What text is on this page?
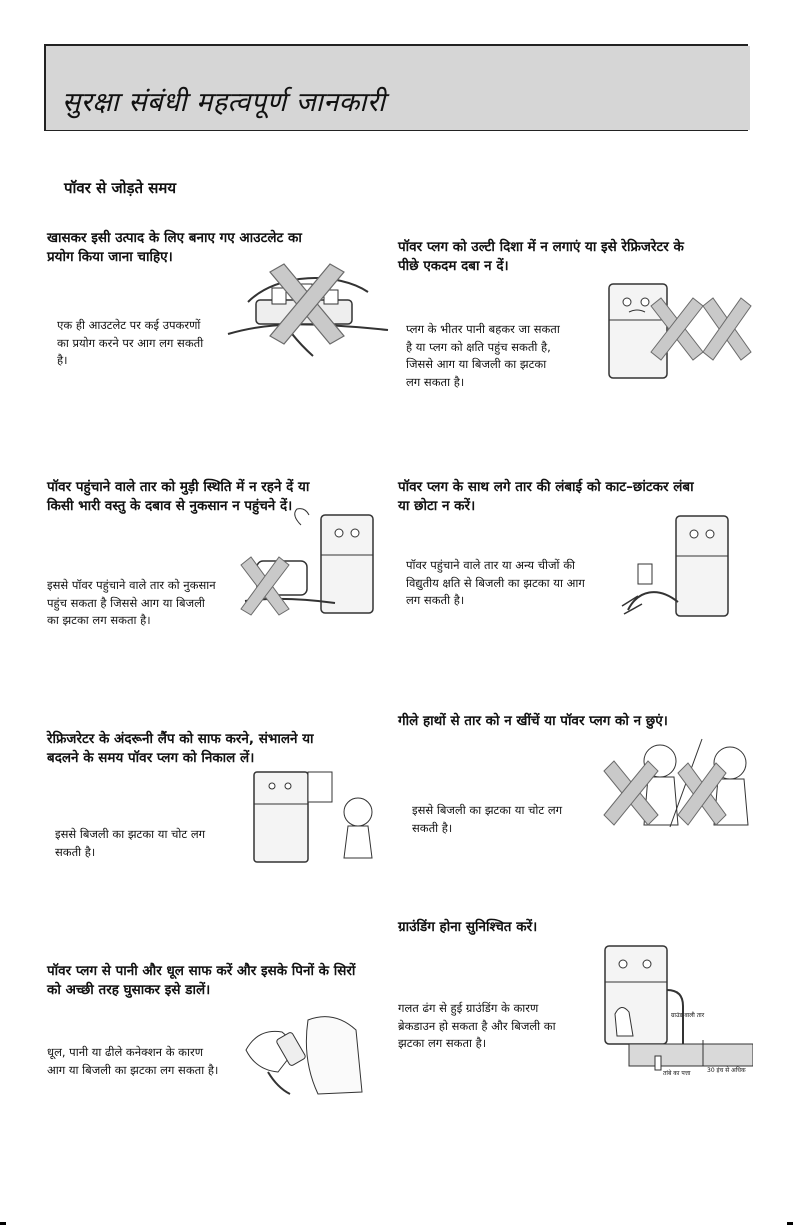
सुरक्षा संबंधी महत्वपूर्ण जानकारी
पॉवर से जोड़ते समय

खासकर इसी उत्पाद के लिए बनाए गए आउटलेट का प्रयोग किया जाना चाहिए।

एक ही आउटलेट पर कई उपकरणों का प्रयोग करने पर आग लग सकती है।

पॉवर प्लग को उल्टी दिशा में न लगाएं या इसे रेफ्रिजरेटर के पीछे एकदम दबा न दें।

प्लग के भीतर पानी बहकर जा सकता है या प्लग को क्षति पहुंच सकती है, जिससे आग या बिजली का झटका लग सकता है।

पॉवर पहुंचाने वाले तार को मुड़ी स्थिति में न रहने दें या किसी भारी वस्तु के दबाव से नुकसान न पहुंचने दें।

इससे पॉवर पहुंचाने वाले तार को नुकसान पहुंच सकता है जिससे आग या बिजली का झटका लग सकता है।

पॉवर प्लग के साथ लगे तार की लंबाई को काट–छांटकर लंबा या छोटा न करें।

पॉवर पहुंचाने वाले तार या अन्य चीजों की विद्युतीय क्षति से बिजली का झटका या आग लग सकती है।

रेफ्रिजरेटर के अंदरूनी लैंप को साफ करने, संभालने या बदलने के समय पॉवर प्लग को निकाल लें।

इससे बिजली का झटका या चोट लग सकती है।

गीले हाथों से तार को न खींचें या पॉवर प्लग को न छुएं।

इससे बिजली का झटका या चोट लग सकती है।

पॉवर प्लग से पानी और धूल साफ करें और इसके पिनों के सिरों को अच्छी तरह घुसाकर इसे डालें।

धूल, पानी या ढीले कनेक्शन के कारण आग या बिजली का झटका लग सकता है।

ग्राउंडिंग होना सुनिश्चित करें।

गलत ढंग से हुई ग्राउंडिंग के कारण ब्रेकडाउन हो सकता है और बिजली का झटका लग सकता है।
ग्राउंड वाली तार
तांबे का पत्ता	30 इंच से अधिक
